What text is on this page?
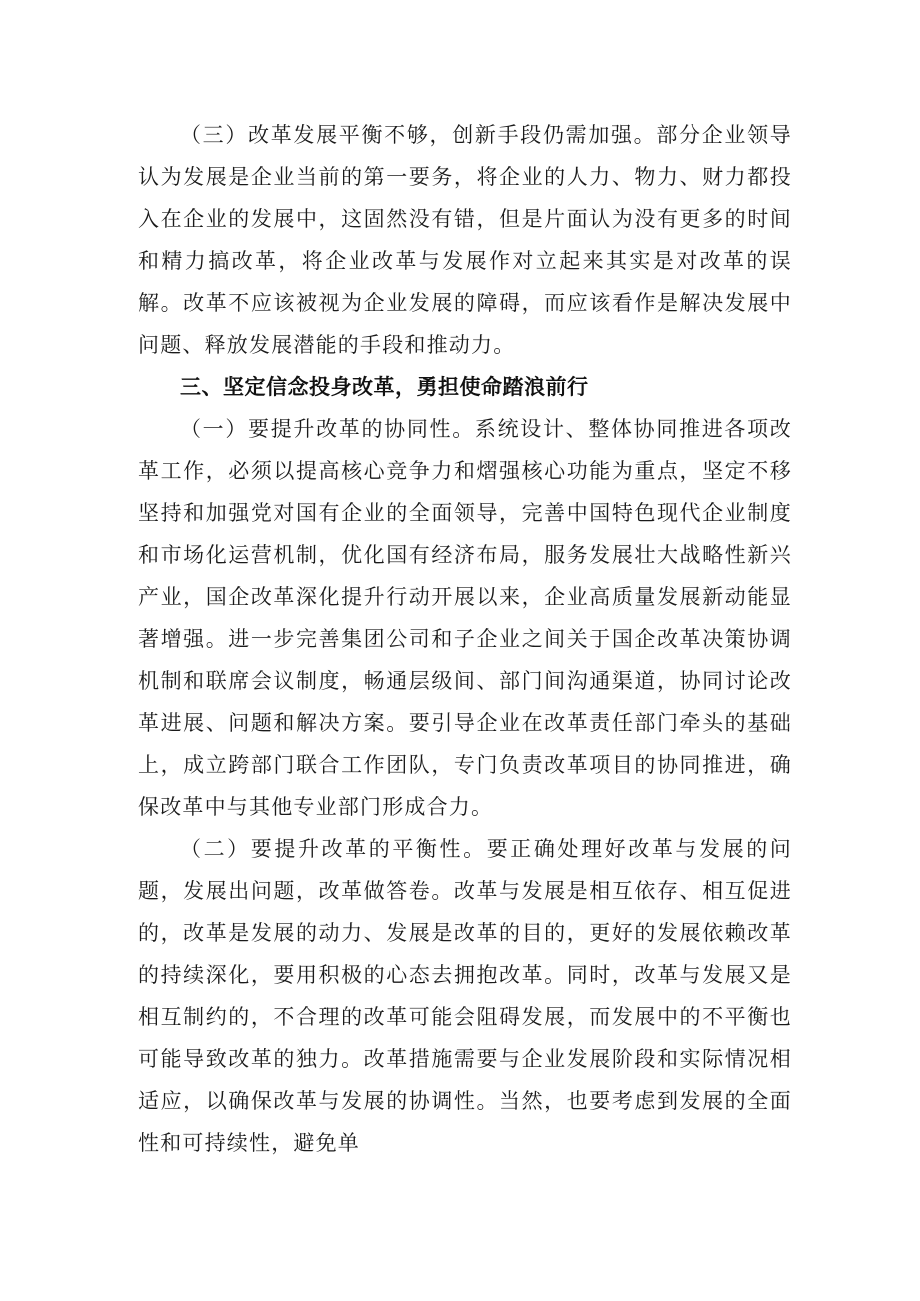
（三）改革发展平衡不够，创新手段仍需加强。部分企业领导认为发展是企业当前的第一要务，将企业的人力、物力、财力都投入在企业的发展中，这固然没有错，但是片面认为没有更多的时间和精力搞改革，将企业改革与发展作对立起来其实是对改革的误解。改革不应该被视为企业发展的障碍，而应该看作是解决发展中问题、释放发展潜能的手段和推动力。

三、坚定信念投身改革，勇担使命踏浪前行

（一）要提升改革的协同性。系统设计、整体协同推进各项改革工作，必须以提高核心竞争力和熠强核心功能为重点，坚定不移坚持和加强党对国有企业的全面领导，完善中国特色现代企业制度和市场化运营机制，优化国有经济布局，服务发展壮大战略性新兴产业，国企改革深化提升行动开展以来，企业高质量发展新动能显著增强。进一步完善集团公司和子企业之间关于国企改革决策协调机制和联席会议制度，畅通层级间、部门间沟通渠道，协同讨论改革进展、问题和解决方案。要引导企业在改革责任部门牵头的基础上，成立跨部门联合工作团队，专门负责改革项目的协同推进，确保改革中与其他专业部门形成合力。

（二）要提升改革的平衡性。要正确处理好改革与发展的问题，发展出问题，改革做答卷。改革与发展是相互依存、相互促进的，改革是发展的动力、发展是改革的目的，更好的发展依赖改革的持续深化，要用积极的心态去拥抱改革。同时，改革与发展又是相互制约的，不合理的改革可能会阻碍发展，而发展中的不平衡也可能导致改革的独力。改革措施需要与企业发展阶段和实际情况相适应，以确保改革与发展的协调性。当然，也要考虑到发展的全面性和可持续性，避免单
